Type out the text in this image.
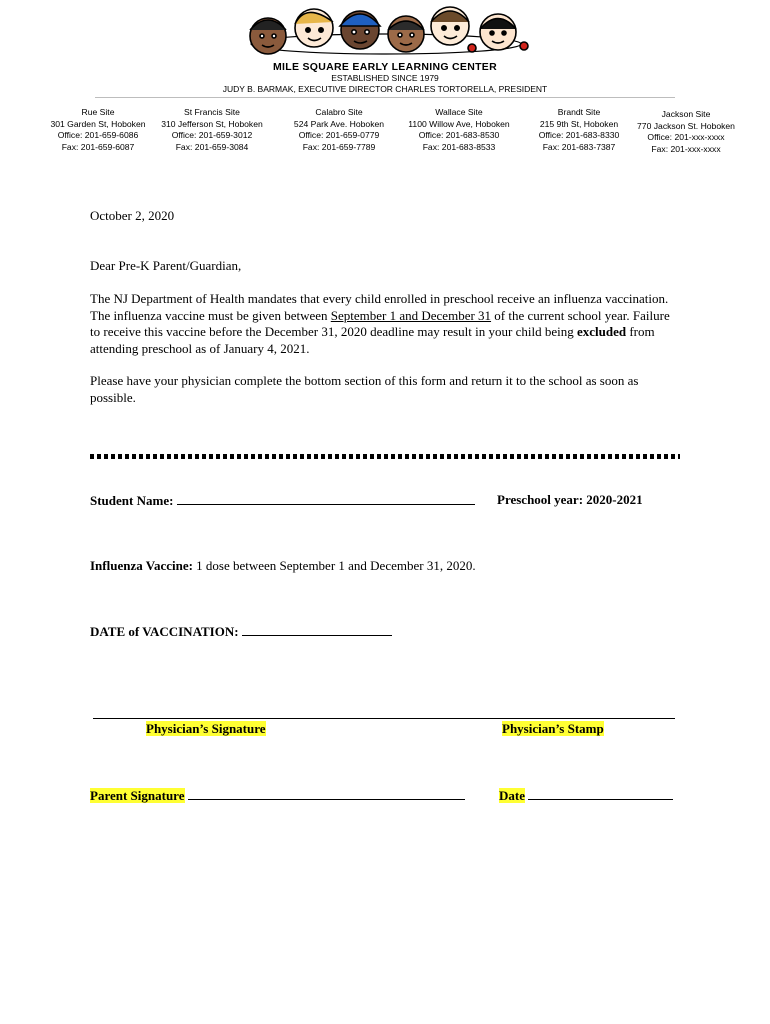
MILE SQUARE EARLY LEARNING CENTER
ESTABLISHED SINCE 1979
JUDY B. BARMAK, EXECUTIVE DIRECTOR CHARLES TORTORELLA, PRESIDENT
Rue Site
301 Garden St, Hoboken
Office: 201-659-6086
Fax: 201-659-6087
St Francis Site
310 Jefferson St, Hoboken
Office: 201-659-3012
Fax: 201-659-3084
Calabro Site
524 Park Ave. Hoboken
Office: 201-659-0779
Fax: 201-659-7789
Wallace Site
1100 Willow Ave, Hoboken
Office: 201-683-8530
Fax: 201-683-8533
Brandt Site
215 9th St, Hoboken
Office: 201-683-8330
Fax: 201-683-7387
Jackson Site
770 Jackson St. Hoboken
Office: 201-xxx-xxxx
Fax: 201-xxx-xxxx
October 2, 2020
Dear Pre-K Parent/Guardian,
The NJ Department of Health mandates that every child enrolled in preschool receive an influenza vaccination. The influenza vaccine must be given between September 1 and December 31 of the current school year. Failure to receive this vaccine before the December 31, 2020 deadline may result in your child being excluded from attending preschool as of January 4, 2021.
Please have your physician complete the bottom section of this form and return it to the school as soon as possible.
Student Name:	Preschool year: 2020-2021
Influenza Vaccine: 1 dose between September 1 and December 31, 2020.
DATE of VACCINATION:
Physician’s Signature	Physician’s Stamp
Parent Signature	Date
